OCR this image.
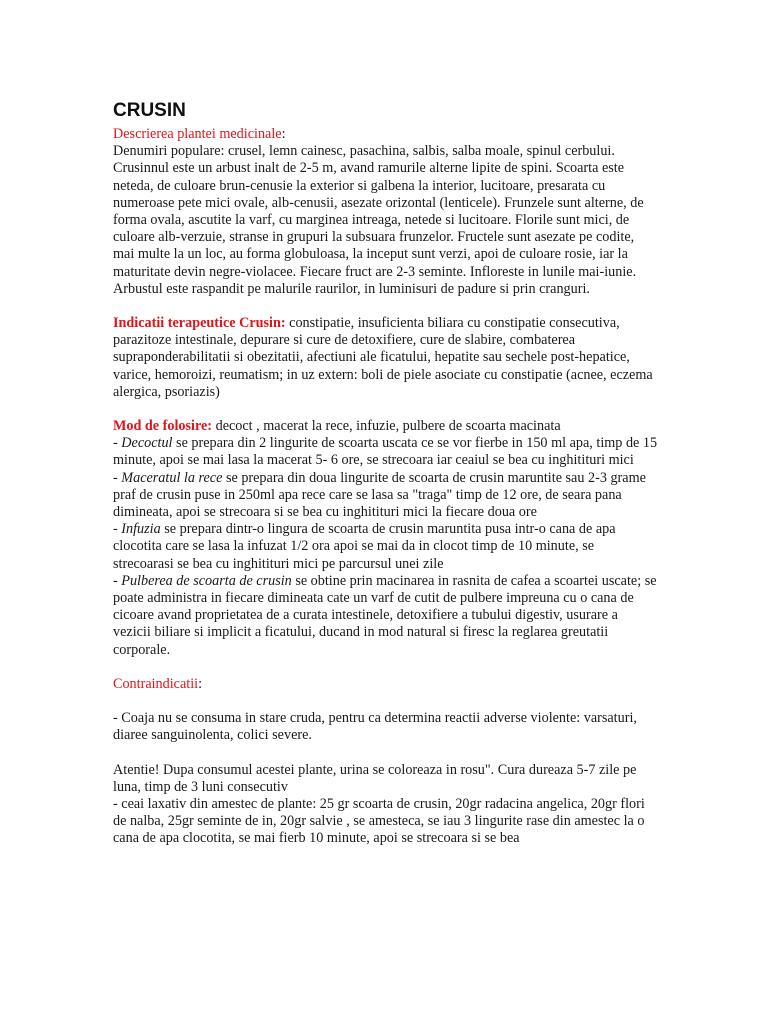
CRUSIN

Descrierea plantei medicinale:
Denumiri populare: crusel, lemn cainesc, pasachina, salbis, salba moale, spinul cerbului. Crusinnul este un arbust inalt de 2-5 m, avand ramurile alterne lipite de spini. Scoarta este neteda, de culoare brun-cenusie la exterior si galbena la interior, lucitoare, presarata cu numeroase pete mici ovale, alb-cenusii, asezate orizontal (lenticele). Frunzele sunt alterne, de forma ovala, ascutite la varf, cu marginea intreaga, netede si lucitoare. Florile sunt mici, de culoare alb-verzuie, stranse in grupuri la subsuara frunzelor. Fructele sunt asezate pe codite, mai multe la un loc, au forma globuloasa, la inceput sunt verzi, apoi de culoare rosie, iar la maturitate devin negre-violacee. Fiecare fruct are 2-3 seminte. Infloreste in lunile mai-iunie. Arbustul este raspandit pe malurile raurilor, in luminisuri de padure si prin cranguri.

Indicatii terapeutice Crusin: constipatie, insuficienta biliara cu constipatie consecutiva, parazitoze intestinale, depurare si cure de detoxifiere, cure de slabire, combaterea supraponderabilitatii si obezitatii, afectiuni ale ficatului, hepatite sau sechele post-hepatice, varice, hemoroizi, reumatism; in uz extern: boli de piele asociate cu constipatie (acnee, eczema alergica, psoriazis)

Mod de folosire: decoct , macerat la rece, infuzie, pulbere de scoarta macinata
- Decoctul se prepara din 2 lingurite de scoarta uscata ce se vor fierbe in 150 ml apa, timp de 15 minute, apoi se mai lasa la macerat 5- 6 ore, se strecoara iar ceaiul se bea cu inghitituri mici
- Maceratul la rece se prepara din doua lingurite de scoarta de crusin maruntite sau 2-3 grame praf de crusin puse in 250ml apa rece care se lasa sa "traga" timp de 12 ore, de seara pana dimineata, apoi se strecoara si se bea cu inghitituri mici la fiecare doua ore
- Infuzia se prepara dintr-o lingura de scoarta de crusin maruntita pusa intr-o cana de apa clocotita care se lasa la infuzat 1/2 ora apoi se mai da in clocot timp de 10 minute, se strecoarasi se bea cu inghitituri mici pe parcursul unei zile
- Pulberea de scoarta de crusin se obtine prin macinarea in rasnita de cafea a scoartei uscate; se poate administra in fiecare dimineata cate un varf de cutit de pulbere impreuna cu o cana de cicoare avand proprietatea de a curata intestinele, detoxifiere a tubului digestiv, usurare a vezicii biliare si implicit a ficatului, ducand in mod natural si firesc la reglarea greutatii corporale.

Contraindicatii:

- Coaja nu se consuma in stare cruda, pentru ca determina reactii adverse violente: varsaturi, diaree sanguinolenta, colici severe.

Atentie! Dupa consumul acestei plante, urina se coloreaza in rosu". Cura dureaza 5-7 zile pe luna, timp de 3 luni consecutiv

- ceai laxativ din amestec de plante: 25 gr scoarta de crusin, 20gr radacina angelica, 20gr flori de nalba, 25gr seminte de in, 20gr salvie , se amesteca, se iau 3 lingurite rase din amestec la o cana de apa clocotita, se mai fierb 10 minute, apoi se strecoara si se bea
